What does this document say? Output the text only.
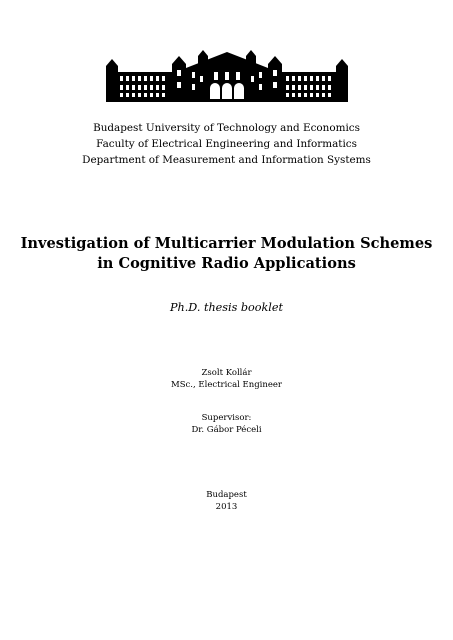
Budapest University of Technology and Economics
Faculty of Electrical Engineering and Informatics
Department of Measurement and Information Systems
Investigation of Multicarrier Modulation Schemes
in Cognitive Radio Applications
Ph.D. thesis booklet
Zsolt Kollár
MSc., Electrical Engineer
Supervisor:
Dr. Gábor Péceli
Budapest
2013
